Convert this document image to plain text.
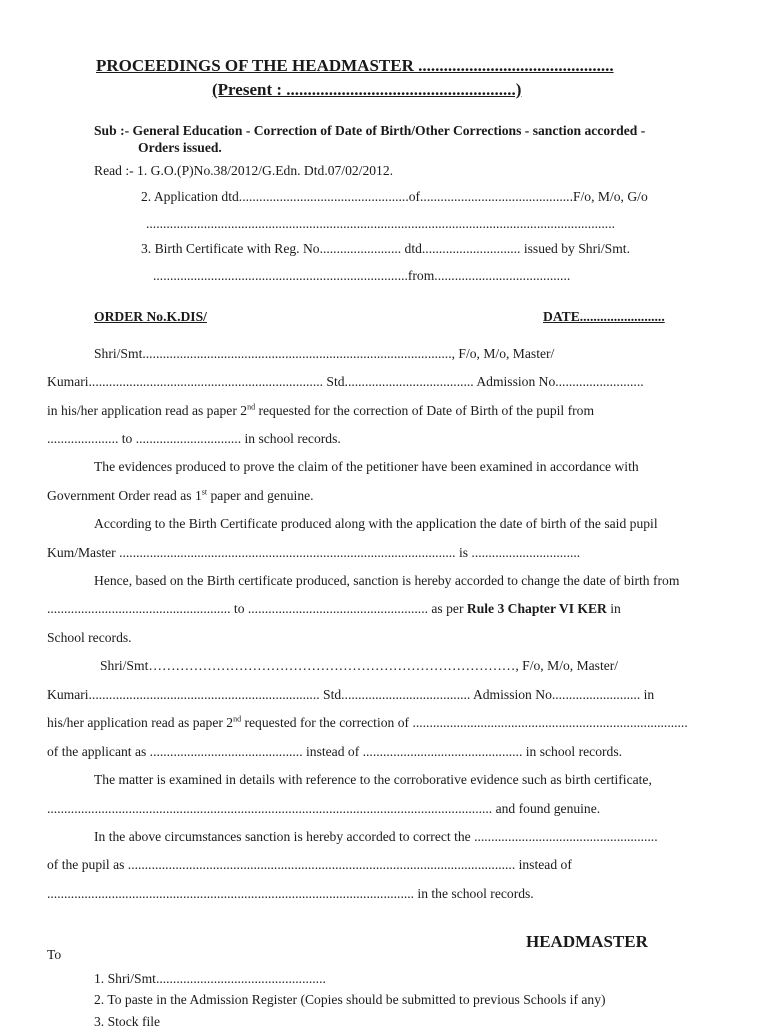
PROCEEDINGS OF THE HEADMASTER ..............................................
(Present : ......................................................)
Sub :- General Education - Correction of Date of Birth/Other Corrections - sanction accorded -
Orders issued.
Read :- 1. G.O.(P)No.38/2012/G.Edn. Dtd.07/02/2012.
2. Application dtd..................................................of.............................................F/o, M/o, G/o
..........................................................................................................................................
3. Birth Certificate with Reg. No........................ dtd............................. issued by Shri/Smt.
...........................................................................from........................................
ORDER No.K.DIS/	DATE.........................
Shri/Smt..........................................................................................., F/o, M/o, Master/
Kumari..................................................................... Std...................................... Admission No..........................
in his/her application read as paper 2nd requested for the correction of Date of Birth of the pupil from
..................... to ............................... in school records.
The evidences produced to prove the claim of the petitioner have been examined in accordance with
Government Order read as 1st paper and genuine.
According to the Birth Certificate produced along with the application the date of birth of the said pupil
Kum/Master ................................................................................................... is ................................
Hence, based on the Birth certificate produced, sanction is hereby accorded to change the date of birth from
...................................................... to ..................................................... as per Rule 3 Chapter VI KER in
School records.
Shri/Smt………………………………………………………………………, F/o, M/o, Master/
Kumari.................................................................... Std...................................... Admission No.......................... in
his/her application read as paper 2nd requested for the correction of .................................................................................
of the applicant as ............................................. instead of ............................................... in school records.
The matter is examined in details with reference to the corroborative evidence such as birth certificate,
................................................................................................................................... and found genuine.
In the above circumstances sanction is hereby accorded to correct the ......................................................
of the pupil as .................................................................................................................. instead of
............................................................................................................ in the school records.
HEADMASTER
To
1. Shri/Smt..................................................
2. To paste in the Admission Register (Copies should be submitted to previous Schools if any)
3. Stock file
